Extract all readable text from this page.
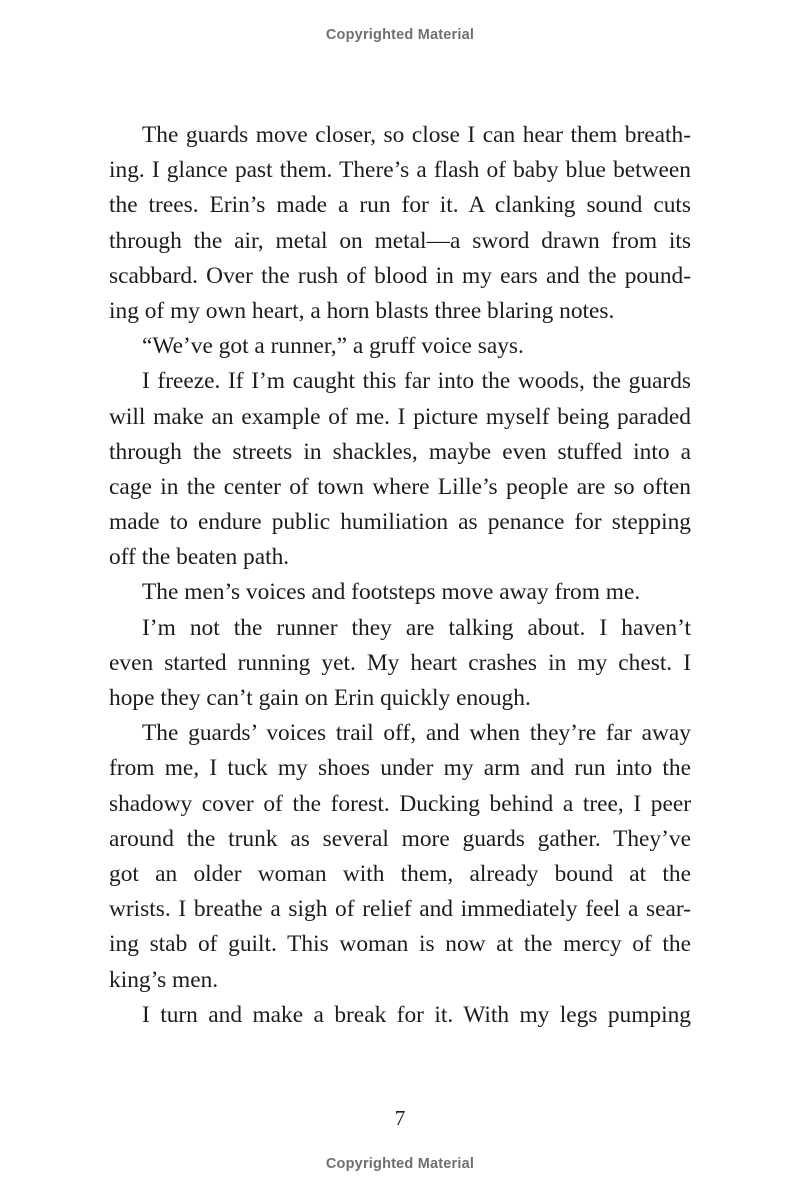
Copyrighted Material
The guards move closer, so close I can hear them breath-
ing. I glance past them. There’s a flash of baby blue between
the trees. Erin’s made a run for it. A clanking sound cuts
through the air, metal on metal—a sword drawn from its
scabbard. Over the rush of blood in my ears and the pound-
ing of my own heart, a horn blasts three blaring notes.
“We’ve got a runner,” a gruff voice says.
I freeze. If I’m caught this far into the woods, the guards
will make an example of me. I picture myself being paraded
through the streets in shackles, maybe even stuffed into a
cage in the center of town where Lille’s people are so often
made to endure public humiliation as penance for stepping
off the beaten path.
The men’s voices and footsteps move away from me.
I’m not the runner they are talking about. I haven’t
even started running yet. My heart crashes in my chest. I
hope they can’t gain on Erin quickly enough.
The guards’ voices trail off, and when they’re far away
from me, I tuck my shoes under my arm and run into the
shadowy cover of the forest. Ducking behind a tree, I peer
around the trunk as several more guards gather. They’ve
got an older woman with them, already bound at the
wrists. I breathe a sigh of relief and immediately feel a sear-
ing stab of guilt. This woman is now at the mercy of the
king’s men.
I turn and make a break for it. With my legs pumping
7
Copyrighted Material
